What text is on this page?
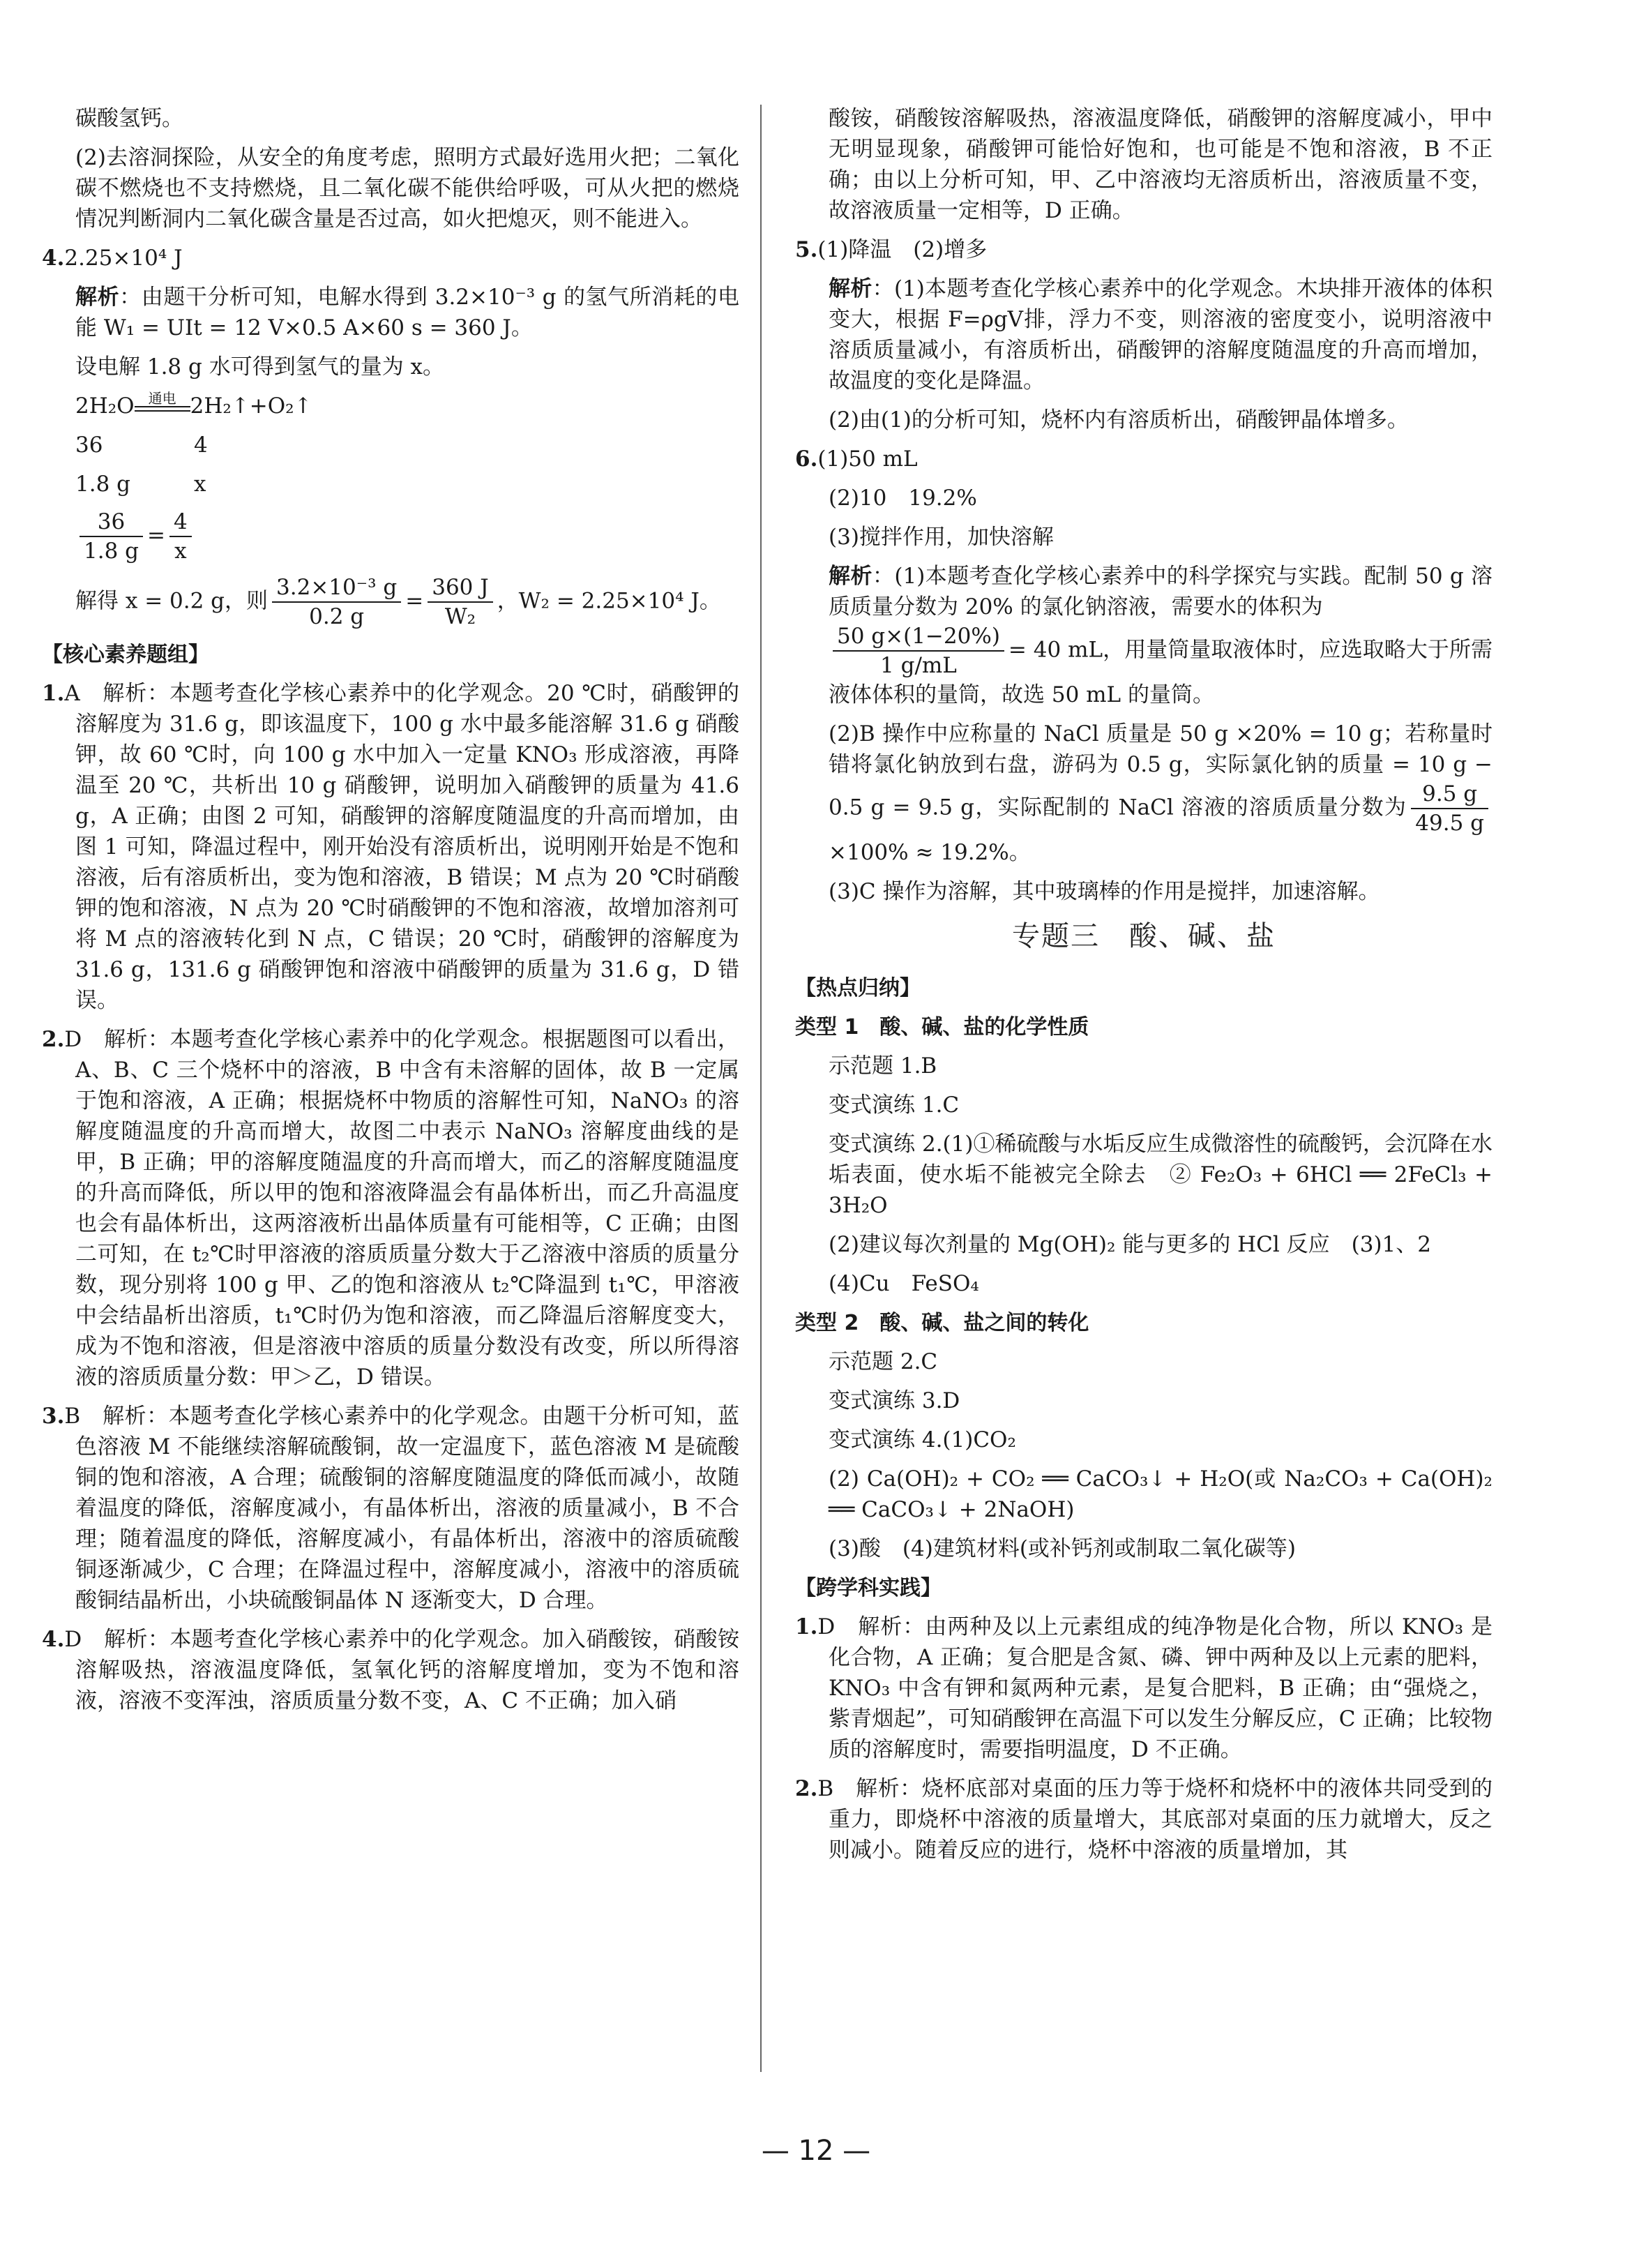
碳酸氢钙。

(2)去溶洞探险，从安全的角度考虑，照明方式最好选用火把；二氧化碳不燃烧也不支持燃烧，且二氧化碳不能供给呼吸，可从火把的燃烧情况判断洞内二氧化碳含量是否过高，如火把熄灭，则不能进入。

4.2.25×10⁴ J

解析：由题干分析可知，电解水得到 3.2×10⁻³ g 的氢气所消耗的电能 W₁ = UIt = 12 V×0.5 A×60 s = 360 J。

设电解 1.8 g 水可得到氢气的量为 x。

2H₂O	通电 2H₂↑+O₂↑

36	4

1.8 g	x

$\frac{36}{1.8 g} = \frac{4}{x}$

解得 x = 0.2 g，则 $\frac{\text{3.2×10⁻³ g}}{0.2 g} = \frac{360 J}{\text{W₂}}$ ，W₂ = 2.25×10⁴ J。

【核心素养题组】

1.A　解析：本题考查化学核心素养中的化学观念。20 ℃时，硝酸钾的溶解度为 31.6 g，即该温度下，100 g 水中最多能溶解 31.6 g 硝酸钾，故 60 ℃时，向 100 g 水中加入一定量 KNO₃ 形成溶液，再降温至 20 ℃，共析出 10 g 硝酸钾，说明加入硝酸钾的质量为 41.6 g，A 正确；由图 2 可知，硝酸钾的溶解度随温度的升高而增加，由图 1 可知，降温过程中，刚开始没有溶质析出，说明刚开始是不饱和溶液，后有溶质析出，变为饱和溶液，B 错误；M 点为 20 ℃时硝酸钾的饱和溶液，N 点为 20 ℃时硝酸钾的不饱和溶液，故增加溶剂可将 M 点的溶液转化到 N 点，C 错误；20 ℃时，硝酸钾的溶解度为 31.6 g，131.6 g 硝酸钾饱和溶液中硝酸钾的质量为 31.6 g，D 错误。

2.D　解析：本题考查化学核心素养中的化学观念。根据题图可以看出，A、B、C 三个烧杯中的溶液，B 中含有未溶解的固体，故 B 一定属于饱和溶液，A 正确；根据烧杯中物质的溶解性可知，NaNO₃ 的溶解度随温度的升高而增大，故图二中表示 NaNO₃ 溶解度曲线的是甲，B 正确；甲的溶解度随温度的升高而增大，而乙的溶解度随温度的升高而降低，所以甲的饱和溶液降温会有晶体析出，而乙升高温度也会有晶体析出，这两溶液析出晶体质量有可能相等，C 正确；由图二可知，在 t₂℃时甲溶液的溶质质量分数大于乙溶液中溶质的质量分数，现分别将 100 g 甲、乙的饱和溶液从 t₂℃降温到 t₁℃，甲溶液中会结晶析出溶质，t₁℃时仍为饱和溶液，而乙降温后溶解度变大，成为不饱和溶液，但是溶液中溶质的质量分数没有改变，所以所得溶液的溶质质量分数：甲＞乙，D 错误。

3.B　解析：本题考查化学核心素养中的化学观念。由题干分析可知，蓝色溶液 M 不能继续溶解硫酸铜，故一定温度下，蓝色溶液 M 是硫酸铜的饱和溶液，A 合理；硫酸铜的溶解度随温度的降低而减小，故随着温度的降低，溶解度减小，有晶体析出，溶液的质量减小，B 不合理；随着温度的降低，溶解度减小，有晶体析出，溶液中的溶质硫酸铜逐渐减少，C 合理；在降温过程中，溶解度减小，溶液中的溶质硫酸铜结晶析出，小块硫酸铜晶体 N 逐渐变大，D 合理。

4.D　解析：本题考查化学核心素养中的化学观念。加入硝酸铵，硝酸铵溶解吸热，溶液温度降低，氢氧化钙的溶解度增加，变为不饱和溶液，溶液不变浑浊，溶质质量分数不变，A、C 不正确；加入硝

酸铵，硝酸铵溶解吸热，溶液温度降低，硝酸钾的溶解度减小，甲中无明显现象，硝酸钾可能恰好饱和，也可能是不饱和溶液，B 不正确；由以上分析可知，甲、乙中溶液均无溶质析出，溶液质量不变，故溶液质量一定相等，D 正确。

5.(1)降温　(2)增多

解析：(1)本题考查化学核心素养中的化学观念。木块排开液体的体积变大，根据 F=ρgV排，浮力不变，则溶液的密度变小，说明溶液中溶质质量减小，有溶质析出，硝酸钾的溶解度随温度的升高而增加，故温度的变化是降温。

(2)由(1)的分析可知，烧杯内有溶质析出，硝酸钾晶体增多。

6.(1)50 mL

(2)10　19.2%

(3)搅拌作用，加快溶解

解析：(1)本题考查化学核心素养中的科学探究与实践。配制 50 g 溶质质量分数为 20% 的氯化钠溶液，需要水的体积为

$\frac{50 g\times(1-20\%)}{1 g/mL} = 40$ mL，用量筒量取液体时，应选取略大于所需液体体积的量筒，故选 50 mL 的量筒。

(2)B 操作中应称量的 NaCl 质量是 50 g ×20% = 10 g；若称量时错将氯化钠放到右盘，游码为 0.5 g，实际氯化钠的质量 = 10 g − 0.5 g = 9.5 g，实际配制的 NaCl 溶液的溶质质量分数为 $\frac{9.5 g}{49.5 g}$
×100% ≈ 19.2%。

(3)C 操作为溶解，其中玻璃棒的作用是搅拌，加速溶解。

专题三　酸、碱、盐
【热点归纳】
类型 1　酸、碱、盐的化学性质

示范题 1.B

变式演练 1.C

变式演练 2.(1)①稀硫酸与水垢反应生成微溶性的硫酸钙，会沉降在水垢表面，使水垢不能被完全除去　② Fe₂O₃ + 6HCl ══ 2FeCl₃ + 3H₂O

(2)建议每次剂量的 Mg(OH)₂ 能与更多的 HCl 反应　(3)1、2

(4)Cu　FeSO₄

类型 2　酸、碱、盐之间的转化

示范题 2.C

变式演练 3.D

变式演练 4.(1)CO₂

(2) Ca(OH)₂ + CO₂ ══ CaCO₃↓ + H₂O(或 Na₂CO₃ + Ca(OH)₂ ══ CaCO₃↓ + 2NaOH)

(3)酸　(4)建筑材料(或补钙剂或制取二氧化碳等)

【跨学科实践】

1.D　解析：由两种及以上元素组成的纯净物是化合物，所以 KNO₃ 是化合物，A 正确；复合肥是含氮、磷、钾中两种及以上元素的肥料，KNO₃ 中含有钾和氮两种元素，是复合肥料，B 正确；由“强烧之，紫青烟起”，可知硝酸钾在高温下可以发生分解反应，C 正确；比较物质的溶解度时，需要指明温度，D 不正确。

2.B　解析：烧杯底部对桌面的压力等于烧杯和烧杯中的液体共同受到的重力，即烧杯中溶液的质量增大，其底部对桌面的压力就增大，反之则减小。随着反应的进行，烧杯中溶液的质量增加，其

— 12 —
